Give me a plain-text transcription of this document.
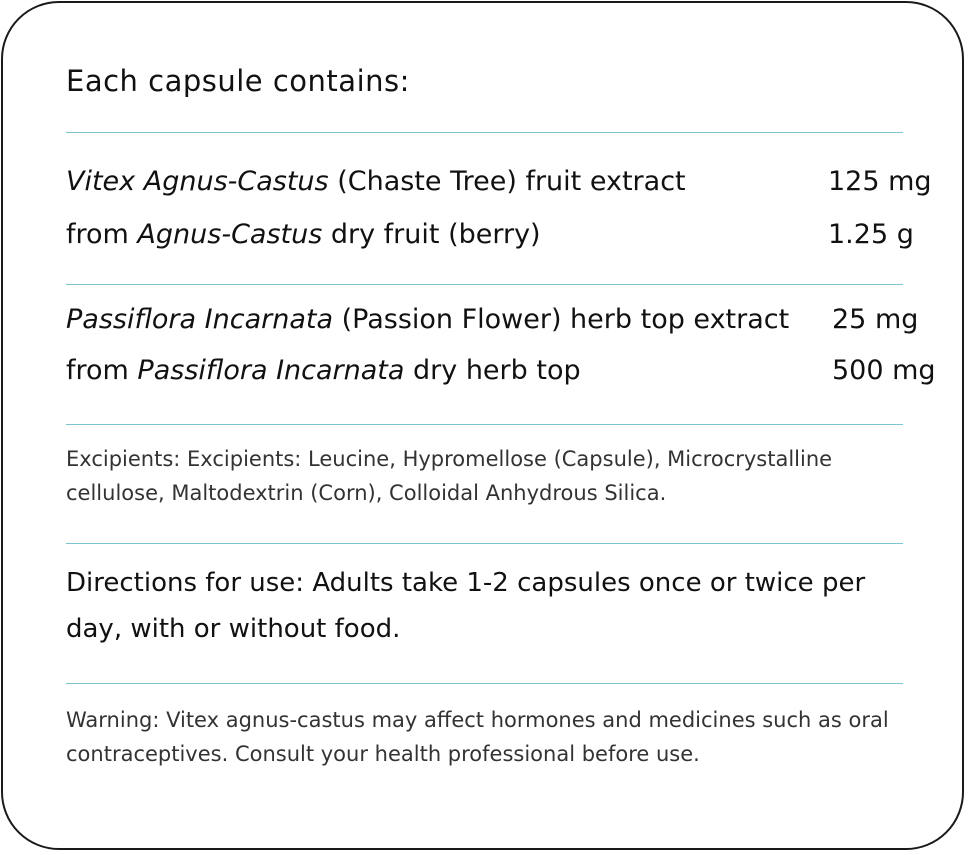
Each capsule contains:
Vitex Agnus-Castus (Chaste Tree) fruit extract	125 mg
from Agnus-Castus dry fruit (berry)	1.25 g
Passiflora Incarnata (Passion Flower) herb top extract 25 mg
from Passiflora Incarnata dry herb top	500 mg
Excipients: Excipients: Leucine, Hypromellose (Capsule), Microcrystalline
cellulose, Maltodextrin (Corn), Colloidal Anhydrous Silica.
Directions for use: Adults take 1-2 capsules once or twice per
day, with or without food.
Warning: Vitex agnus-castus may affect hormones and medicines such as oral
contraceptives. Consult your health professional before use.
